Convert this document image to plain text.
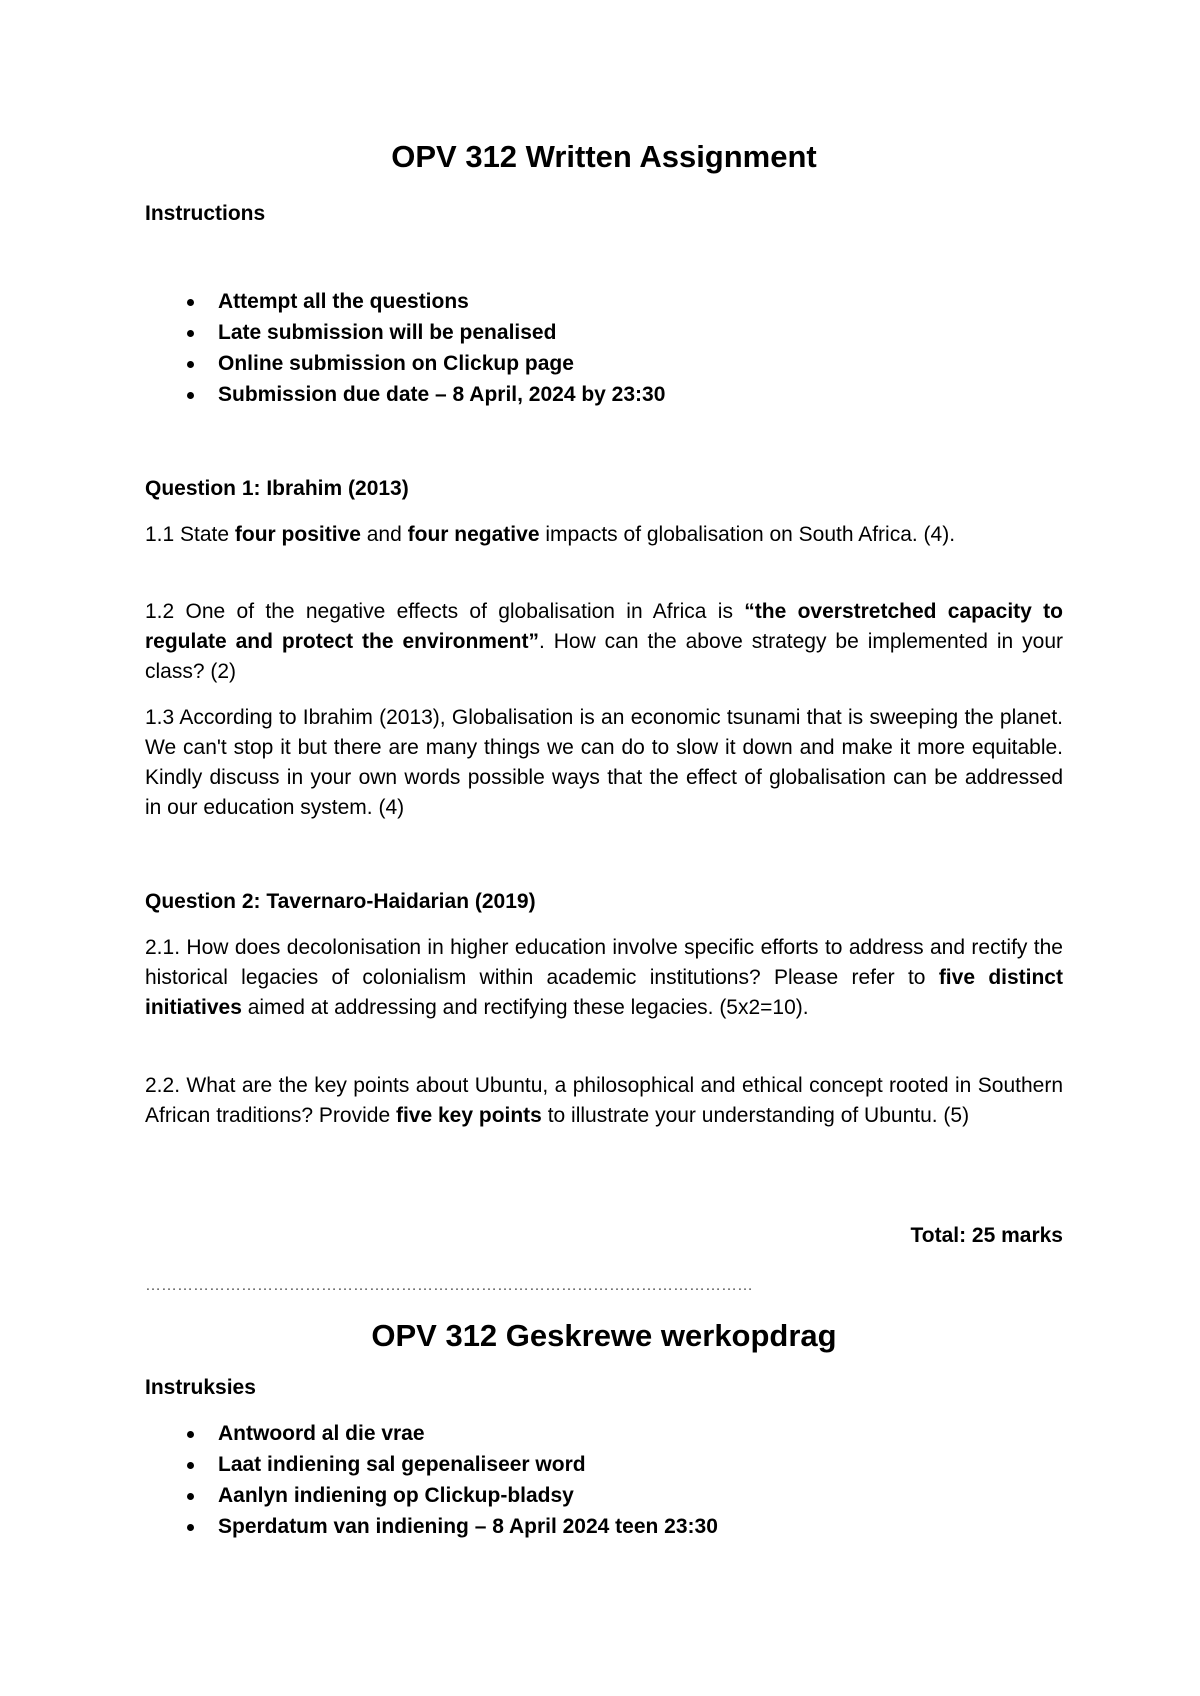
OPV 312 Written Assignment

Instructions

Attempt all the questions
Late submission will be penalised
Online submission on Clickup page
Submission due date – 8 April, 2024 by 23:30

Question 1: Ibrahim (2013)

1.1 State four positive and four negative impacts of globalisation on South Africa. (4).

1.2 One of the negative effects of globalisation in Africa is “the overstretched capacity to regulate and protect the environment”. How can the above strategy be implemented in your class? (2)

1.3 According to Ibrahim (2013), Globalisation is an economic tsunami that is sweeping the planet. We can't stop it but there are many things we can do to slow it down and make it more equitable. Kindly discuss in your own words possible ways that the effect of globalisation can be addressed in our education system. (4)

Question 2: Tavernaro-Haidarian (2019)

2.1. How does decolonisation in higher education involve specific efforts to address and rectify the historical legacies of colonialism within academic institutions? Please refer to five distinct initiatives aimed at addressing and rectifying these legacies. (5x2=10).

2.2. What are the key points about Ubuntu, a philosophical and ethical concept rooted in Southern African traditions? Provide five key points to illustrate your understanding of Ubuntu. (5)

Total: 25 marks

……………………………………………………………………………………………………
OPV 312 Geskrewe werkopdrag

Instruksies

Antwoord al die vrae
Laat indiening sal gepenaliseer word
Aanlyn indiening op Clickup-bladsy
Sperdatum van indiening – 8 April 2024 teen 23:30
